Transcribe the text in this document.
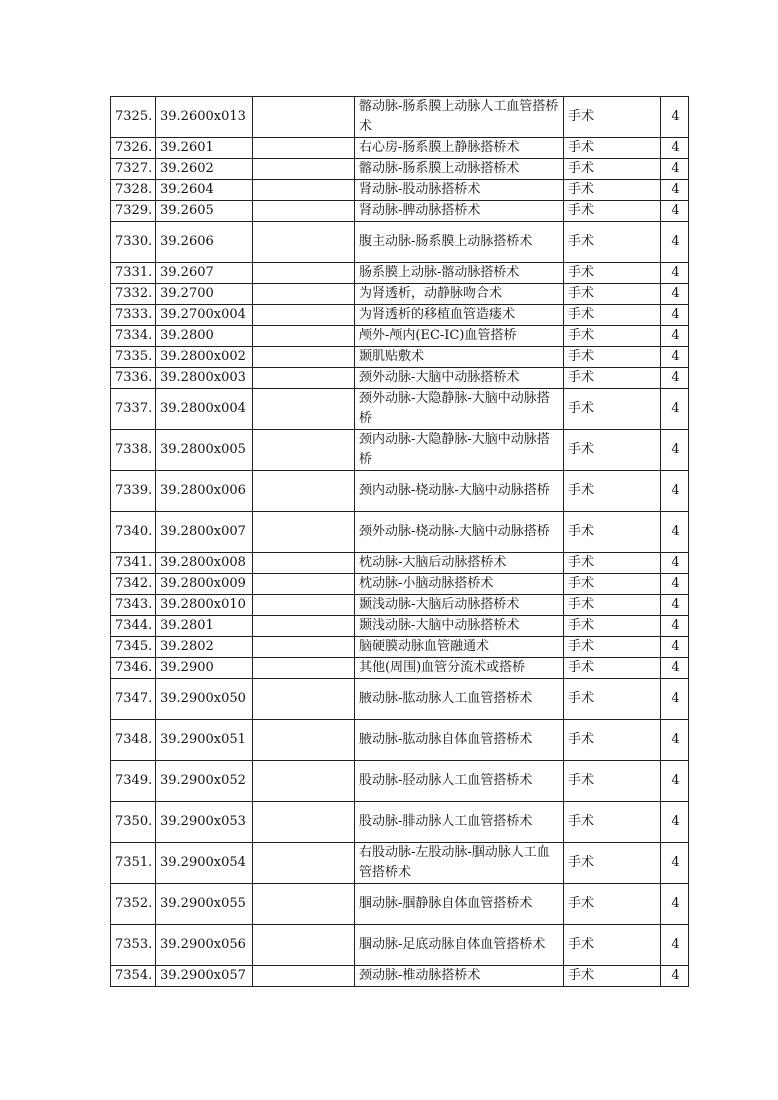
7325.	39.2600x013		髂动脉-肠系膜上动脉人工血管搭桥术	手术	4
7326.	39.2601		右心房-肠系膜上静脉搭桥术	手术	4
7327.	39.2602		髂动脉-肠系膜上动脉搭桥术	手术	4
7328.	39.2604		肾动脉-股动脉搭桥术	手术	4
7329.	39.2605		肾动脉-脾动脉搭桥术	手术	4
7330.	39.2606		腹主动脉-肠系膜上动脉搭桥术	手术	4
7331.	39.2607		肠系膜上动脉-髂动脉搭桥术	手术	4
7332.	39.2700		为肾透析，动静脉吻合术	手术	4
7333.	39.2700x004		为肾透析的移植血管造瘘术	手术	4
7334.	39.2800		颅外-颅内(EC-IC)血管搭桥	手术	4
7335.	39.2800x002		颞肌贴敷术	手术	4
7336.	39.2800x003		颈外动脉-大脑中动脉搭桥术	手术	4
7337.	39.2800x004		颈外动脉-大隐静脉-大脑中动脉搭桥	手术	4
7338.	39.2800x005		颈内动脉-大隐静脉-大脑中动脉搭桥	手术	4
7339.	39.2800x006		颈内动脉-桡动脉-大脑中动脉搭桥	手术	4
7340.	39.2800x007		颈外动脉-桡动脉-大脑中动脉搭桥	手术	4
7341.	39.2800x008		枕动脉-大脑后动脉搭桥术	手术	4
7342.	39.2800x009		枕动脉-小脑动脉搭桥术	手术	4
7343.	39.2800x010		颞浅动脉-大脑后动脉搭桥术	手术	4
7344.	39.2801		颞浅动脉-大脑中动脉搭桥术	手术	4
7345.	39.2802		脑硬膜动脉血管融通术	手术	4
7346.	39.2900		其他(周围)血管分流术或搭桥	手术	4
7347.	39.2900x050		腋动脉-肱动脉人工血管搭桥术	手术	4
7348.	39.2900x051		腋动脉-肱动脉自体血管搭桥术	手术	4
7349.	39.2900x052		股动脉-胫动脉人工血管搭桥术	手术	4
7350.	39.2900x053		股动脉-腓动脉人工血管搭桥术	手术	4
7351.	39.2900x054		右股动脉-左股动脉-腘动脉人工血管搭桥术	手术	4
7352.	39.2900x055		腘动脉-腘静脉自体血管搭桥术	手术	4
7353.	39.2900x056		腘动脉-足底动脉自体血管搭桥术	手术	4
7354.	39.2900x057		颈动脉-椎动脉搭桥术	手术	4
